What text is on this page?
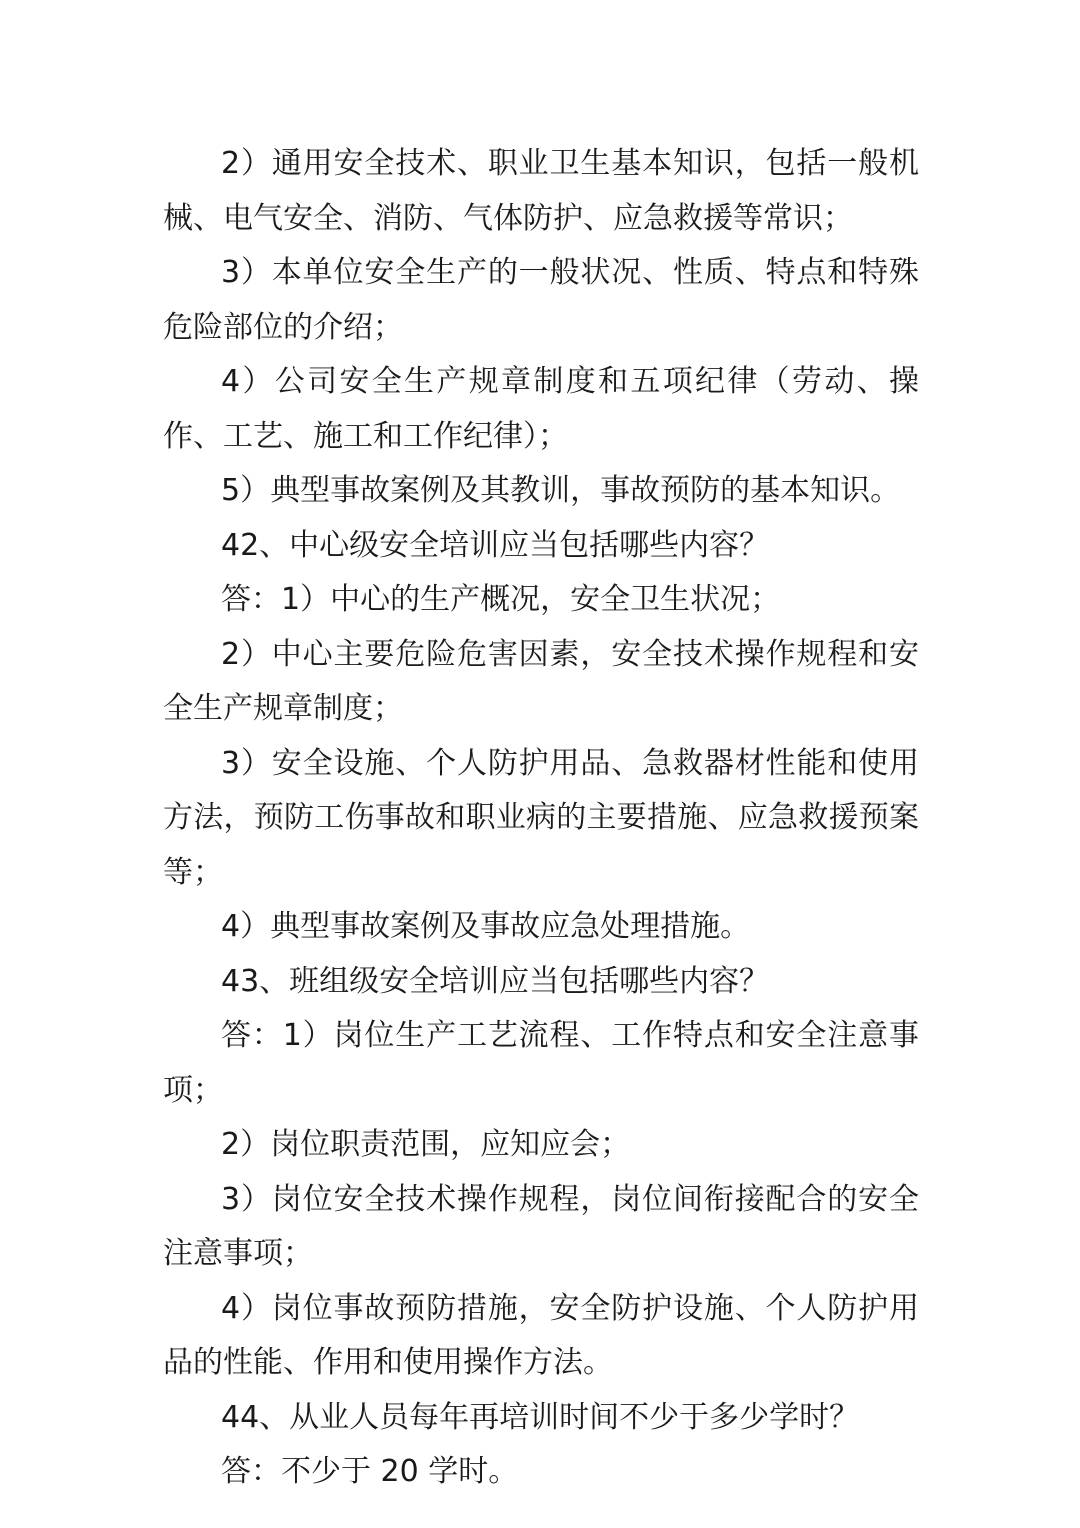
2）通用安全技术、职业卫生基本知识，包括一般机械、电气安全、消防、气体防护、应急救援等常识；

3）本单位安全生产的一般状况、性质、特点和特殊危险部位的介绍；

4）公司安全生产规章制度和五项纪律（劳动、操作、工艺、施工和工作纪律）；

5）典型事故案例及其教训，事故预防的基本知识。

42、中心级安全培训应当包括哪些内容？

答：1）中心的生产概况，安全卫生状况；

2）中心主要危险危害因素，安全技术操作规程和安全生产规章制度；

3）安全设施、个人防护用品、急救器材性能和使用方法，预防工伤事故和职业病的主要措施、应急救援预案等；

4）典型事故案例及事故应急处理措施。

43、班组级安全培训应当包括哪些内容？

答：1）岗位生产工艺流程、工作特点和安全注意事项；

2）岗位职责范围，应知应会；

3）岗位安全技术操作规程，岗位间衔接配合的安全注意事项；

4）岗位事故预防措施，安全防护设施、个人防护用品的性能、作用和使用操作方法。

44、从业人员每年再培训时间不少于多少学时？

答：不少于 20 学时。
